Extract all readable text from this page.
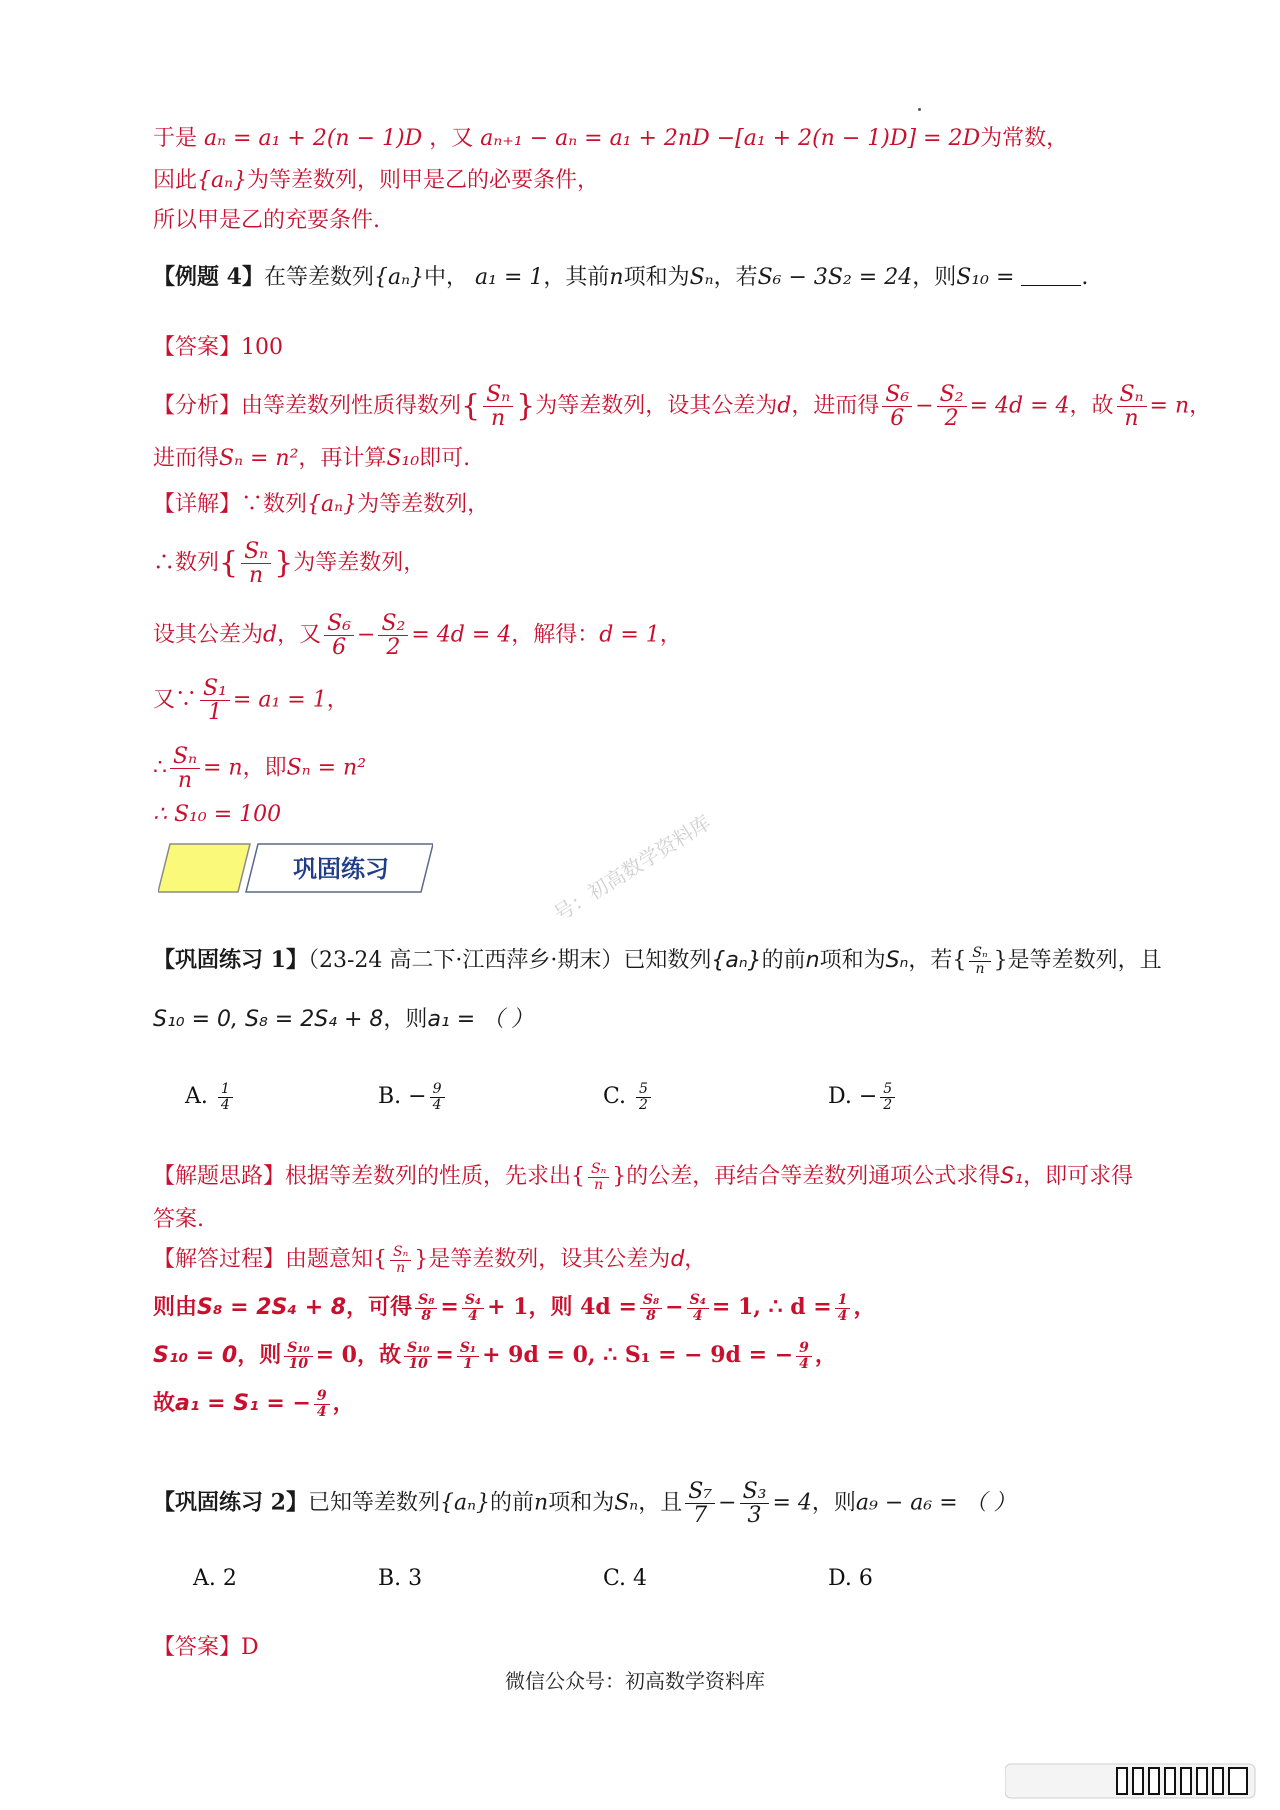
于是 aₙ = a₁ + 2(n − 1)D ，又 aₙ₊₁ − aₙ = a₁ + 2nD −[a₁ + 2(n − 1)D] = 2D为常数，
因此{aₙ}为等差数列，则甲是乙的必要条件，
所以甲是乙的充要条件.
【例题 4】在等差数列{aₙ}中， a₁ = 1，其前n项和为Sₙ，若S₆ − 3S₂ = 24，则S₁₀ =	.
【答案】100
【分析】由等差数列性质得数列{ $\frac{\text{Sₙ}}{n}$ }为等差数列，设其公差为d，进而得 $\frac{\text{S₆}}{6} - \frac{\text{S₂}}{2} = 4d = 4$，故 $\frac{\text{Sₙ}}{n} = n$，
进而得Sₙ = n²，再计算S₁₀即可.
【详解】∵数列{aₙ}为等差数列，
∴数列{ $\frac{\text{Sₙ}}{n}$ }为等差数列，
设其公差为d，又 $\frac{\text{S₆}}{6} - \frac{\text{S₂}}{2} = 4d = 4$，解得：d = 1，
又∵ $\frac{\text{S₁}}{1} = a_1 = 1$，
∴ $\frac{\text{Sₙ}}{n} = n$，即Sₙ = n²
∴ S₁₀ = 100
巩固练习	号：初高数学资料库
【巩固练习 1】（23-24 高二下·江西萍乡·期末）已知数列{aₙ}的前n项和为Sₙ，若{ $\frac{\text{Sₙ}}{n}$ }是等差数列，且
S₁₀ = 0, S₈ = 2S₄ + 8，则a₁ = （ ）
A. $\frac{1}{4}$	B. − $\frac{9}{4}$	C. $\frac{5}{2}$	D. − $\frac{5}{2}$
【解题思路】根据等差数列的性质，先求出{ $\frac{\text{Sₙ}}{n}$ }的公差，再结合等差数列通项公式求得S₁，即可求得
答案.
【解答过程】由题意知{ $\frac{\text{Sₙ}}{n}$ }是等差数列，设其公差为d，
则由S₈ = 2S₄ + 8，可得 $\frac{\text{S₈}}{8} = \frac{\text{S₄}}{4} + 1$，则 $4d = \frac{\text{S₈}}{8} - \frac{\text{S₄}}{4} = 1$, ∴ $d = \frac{1}{4}$ ，
S₁₀ = 0，则 $\frac{\text{S₁₀}}{10} = 0$，故 $\frac{\text{S₁₀}}{10} = \frac{\text{S₁}}{1} + 9d = 0$, ∴ S₁ = − 9d = − $\frac{9}{4}$ ，
故a₁ = S₁ = − $\frac{9}{4}$ ，
【巩固练习 2】已知等差数列{aₙ}的前n项和为Sₙ，且 $\frac{\text{S₇}}{7} - \frac{\text{S₃}}{3} = 4$，则a₉ − a₆ = （ ）
A. 2	B. 3	C. 4	D. 6
【答案】D
微信公众号：初高数学资料库
